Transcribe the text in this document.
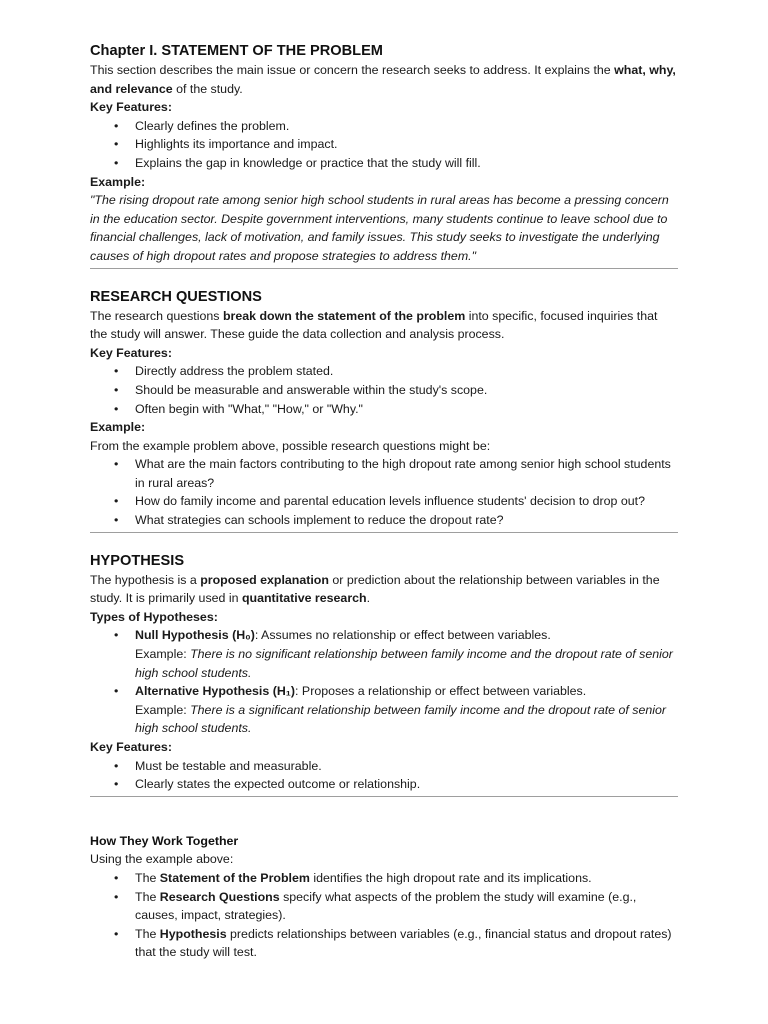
Chapter I. STATEMENT OF THE PROBLEM

This section describes the main issue or concern the research seeks to address. It explains the what, why, and relevance of the study.

Key Features:

• Clearly defines the problem.
• Highlights its importance and impact.
• Explains the gap in knowledge or practice that the study will fill.

Example:

"The rising dropout rate among senior high school students in rural areas has become a pressing concern in the education sector. Despite government interventions, many students continue to leave school due to financial challenges, lack of motivation, and family issues. This study seeks to investigate the underlying causes of high dropout rates and propose strategies to address them."

RESEARCH QUESTIONS

The research questions break down the statement of the problem into specific, focused inquiries that the study will answer. These guide the data collection and analysis process.

Key Features:

• Directly address the problem stated.
• Should be measurable and answerable within the study's scope.
• Often begin with "What," "How," or "Why."

Example:

From the example problem above, possible research questions might be:

• What are the main factors contributing to the high dropout rate among senior high school students in rural areas?
• How do family income and parental education levels influence students' decision to drop out?
• What strategies can schools implement to reduce the dropout rate?
HYPOTHESIS

The hypothesis is a proposed explanation or prediction about the relationship between variables in the study. It is primarily used in quantitative research.

Types of Hypotheses:

• Null Hypothesis (H₀): Assumes no relationship or effect between variables.
Example: There is no significant relationship between family income and the dropout rate of senior high school students.
• Alternative Hypothesis (H₁): Proposes a relationship or effect between variables.
Example: There is a significant relationship between family income and the dropout rate of senior high school students.

Key Features:

• Must be testable and measurable.
• Clearly states the expected outcome or relationship.
How They Work Together

Using the example above:

• The Statement of the Problem identifies the high dropout rate and its implications.
• The Research Questions specify what aspects of the problem the study will examine (e.g., causes, impact, strategies).
• The Hypothesis predicts relationships between variables (e.g., financial status and dropout rates) that the study will test.
